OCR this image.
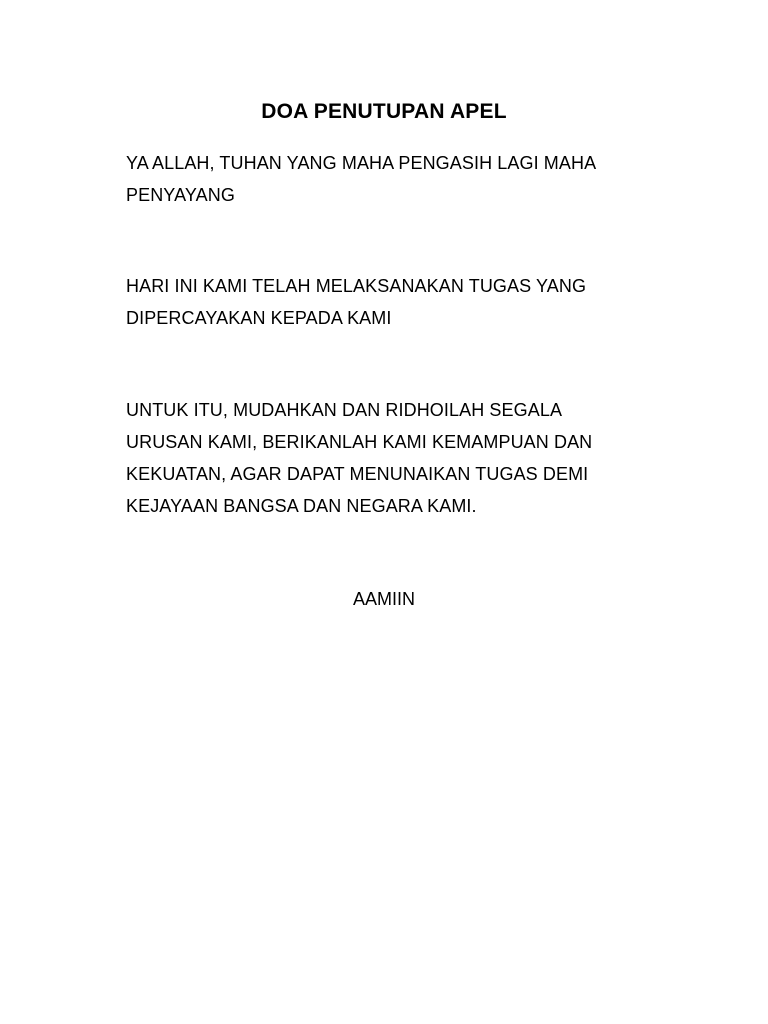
DOA PENUTUPAN APEL
YA ALLAH, TUHAN YANG MAHA PENGASIH LAGI MAHA
PENYAYANG
HARI INI KAMI TELAH MELAKSANAKAN TUGAS YANG
DIPERCAYAKAN KEPADA KAMI
UNTUK ITU, MUDAHKAN DAN RIDHOILAH SEGALA
URUSAN KAMI, BERIKANLAH KAMI KEMAMPUAN DAN
KEKUATAN, AGAR DAPAT MENUNAIKAN TUGAS DEMI
KEJAYAAN BANGSA DAN NEGARA KAMI.
AAMIIN
